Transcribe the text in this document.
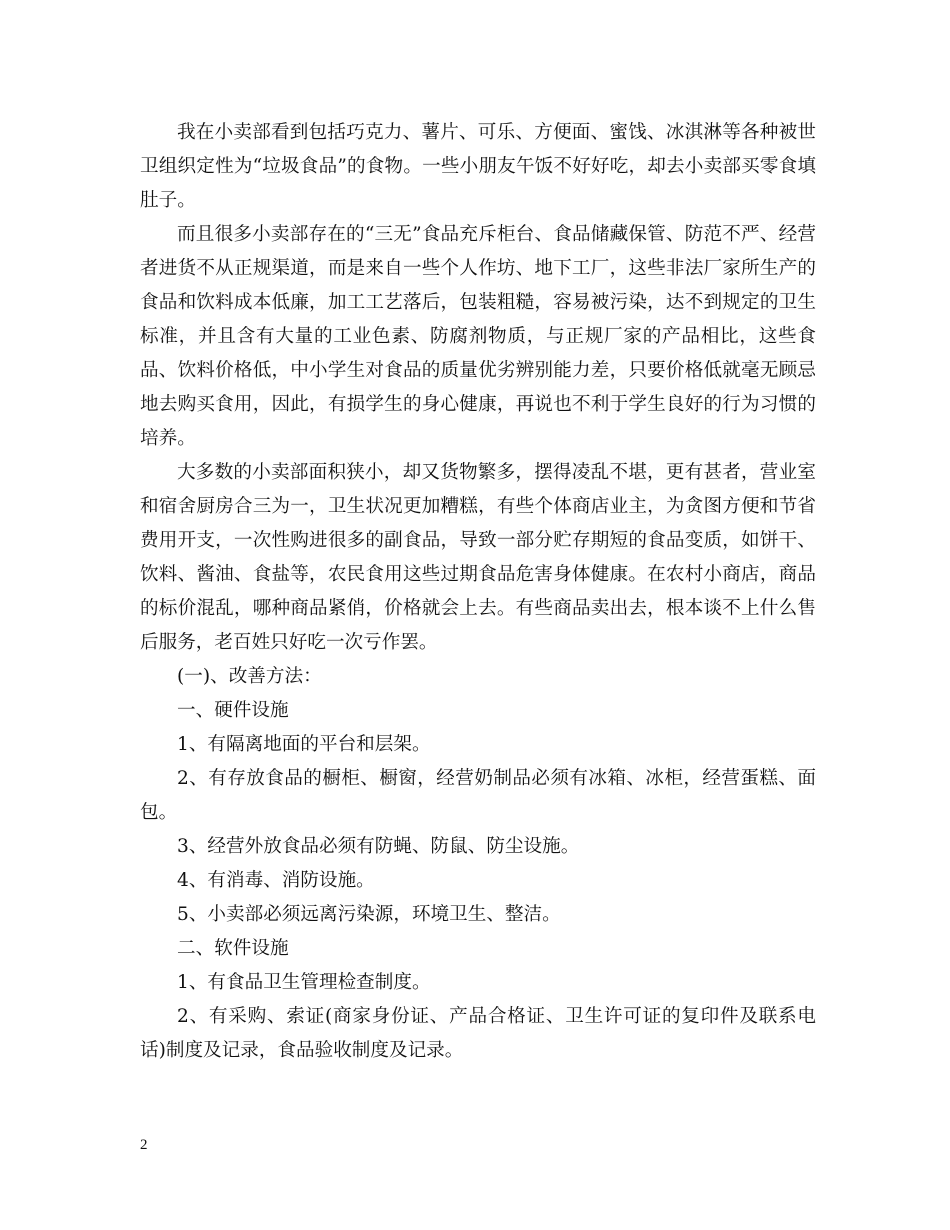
我在小卖部看到包括巧克力、薯片、可乐、方便面、蜜饯、冰淇淋等各种被世卫组织定性为“垃圾食品”的食物。一些小朋友午饭不好好吃，却去小卖部买零食填肚子。

而且很多小卖部存在的“三无”食品充斥柜台、食品储藏保管、防范不严、经营者进货不从正规渠道，而是来自一些个人作坊、地下工厂，这些非法厂家所生产的食品和饮料成本低廉，加工工艺落后，包装粗糙，容易被污染，达不到规定的卫生标准，并且含有大量的工业色素、防腐剂物质，与正规厂家的产品相比，这些食品、饮料价格低，中小学生对食品的质量优劣辨别能力差，只要价格低就毫无顾忌地去购买食用，因此，有损学生的身心健康，再说也不利于学生良好的行为习惯的培养。

大多数的小卖部面积狭小，却又货物繁多，摆得凌乱不堪，更有甚者，营业室和宿舍厨房合三为一，卫生状况更加糟糕，有些个体商店业主，为贪图方便和节省费用开支，一次性购进很多的副食品，导致一部分贮存期短的食品变质，如饼干、饮料、酱油、食盐等，农民食用这些过期食品危害身体健康。在农村小商店，商品的标价混乱，哪种商品紧俏，价格就会上去。有些商品卖出去，根本谈不上什么售后服务，老百姓只好吃一次亏作罢。

(一)、改善方法：

一、硬件设施

1、有隔离地面的平台和层架。

2、有存放食品的橱柜、橱窗，经营奶制品必须有冰箱、冰柜，经营蛋糕、面包。

3、经营外放食品必须有防蝇、防鼠、防尘设施。

4、有消毒、消防设施。

5、小卖部必须远离污染源，环境卫生、整洁。

二、软件设施

1、有食品卫生管理检查制度。

2、有采购、索证(商家身份证、产品合格证、卫生许可证的复印件及联系电话)制度及记录，食品验收制度及记录。

2
